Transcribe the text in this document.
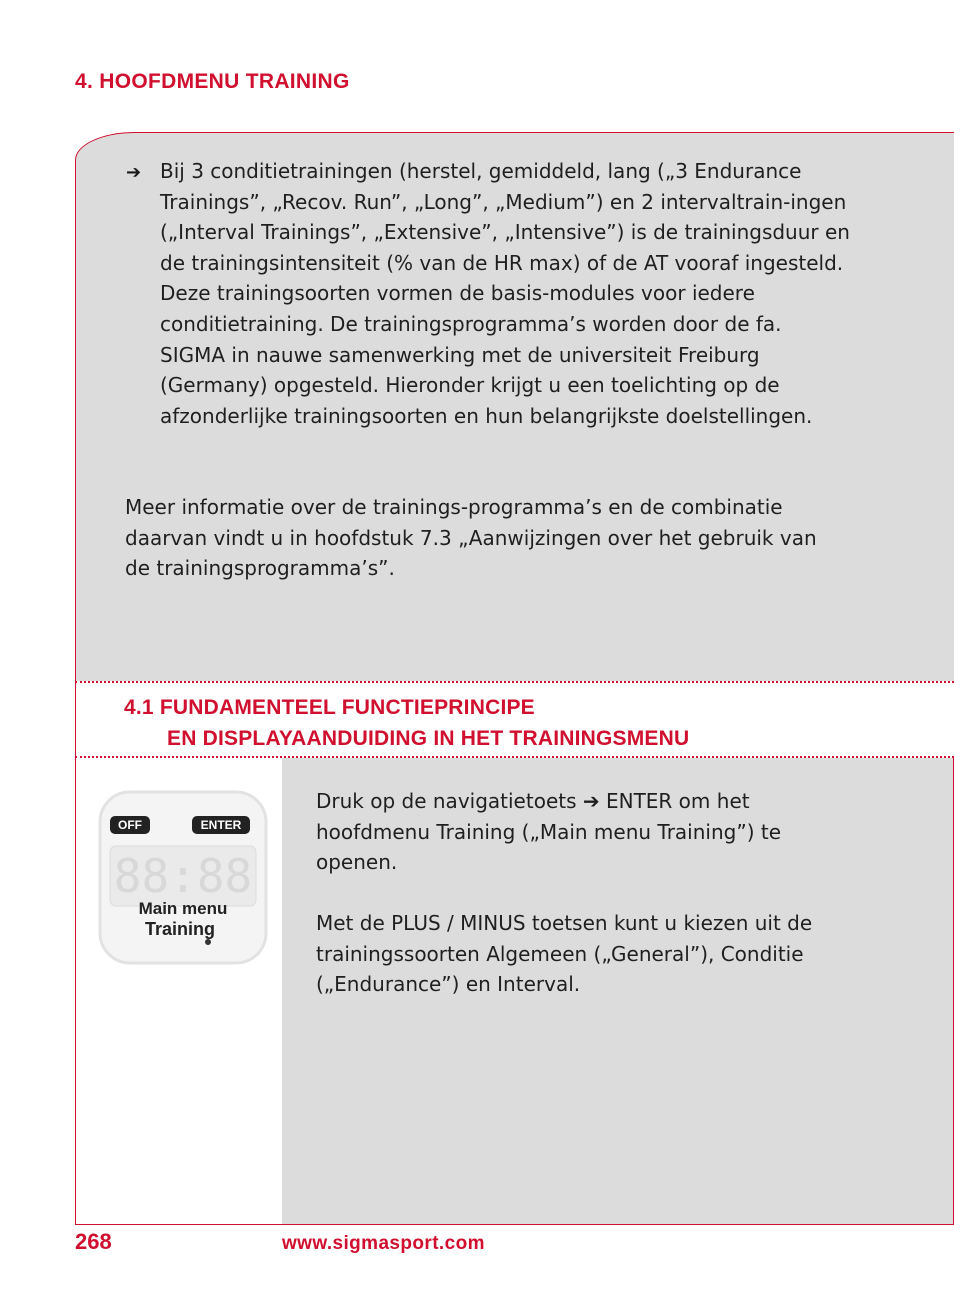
4. HOOFDMENU TRAINING
➔ Bij 3 conditietrainingen (herstel, gemiddeld, lang („3 Endurance Trainings”, „Recov. Run”, „Long”, „Medium”) en 2 intervaltrain-ingen („Interval Trainings”, „Extensive”, „Intensive”) is de trainingsduur en de trainingsintensiteit (% van de HR max) of de AT vooraf ingesteld. Deze trainingsoorten vormen de basis-modules voor iedere conditietraining. De trainingsprogramma’s worden door de fa. SIGMA in nauwe samenwerking met de universiteit Freiburg (Germany) opgesteld. Hieronder krijgt u een toelichting op de afzonderlijke trainingsoorten en hun belangrijkste doelstellingen.
Meer informatie over de trainings-programma’s en de combinatie daarvan vindt u in hoofdstuk 7.3 „Aanwijzingen over het gebruik van de trainingsprogramma’s”.
4.1 FUNDAMENTEEL FUNCTIEPRINCIPE
EN DISPLAYAANDUIDING IN HET TRAININGSMENU
OFF	ENTER
88:88
Main menu
Training
Druk op de navigatietoets ➔ ENTER om het hoofdmenu Training („Main menu Training”) te openen.
Met de PLUS / MINUS toetsen kunt u kiezen uit de trainingssoorten Algemeen („General”), Conditie („Endurance”) en Interval.
268	www.sigmasport.com
